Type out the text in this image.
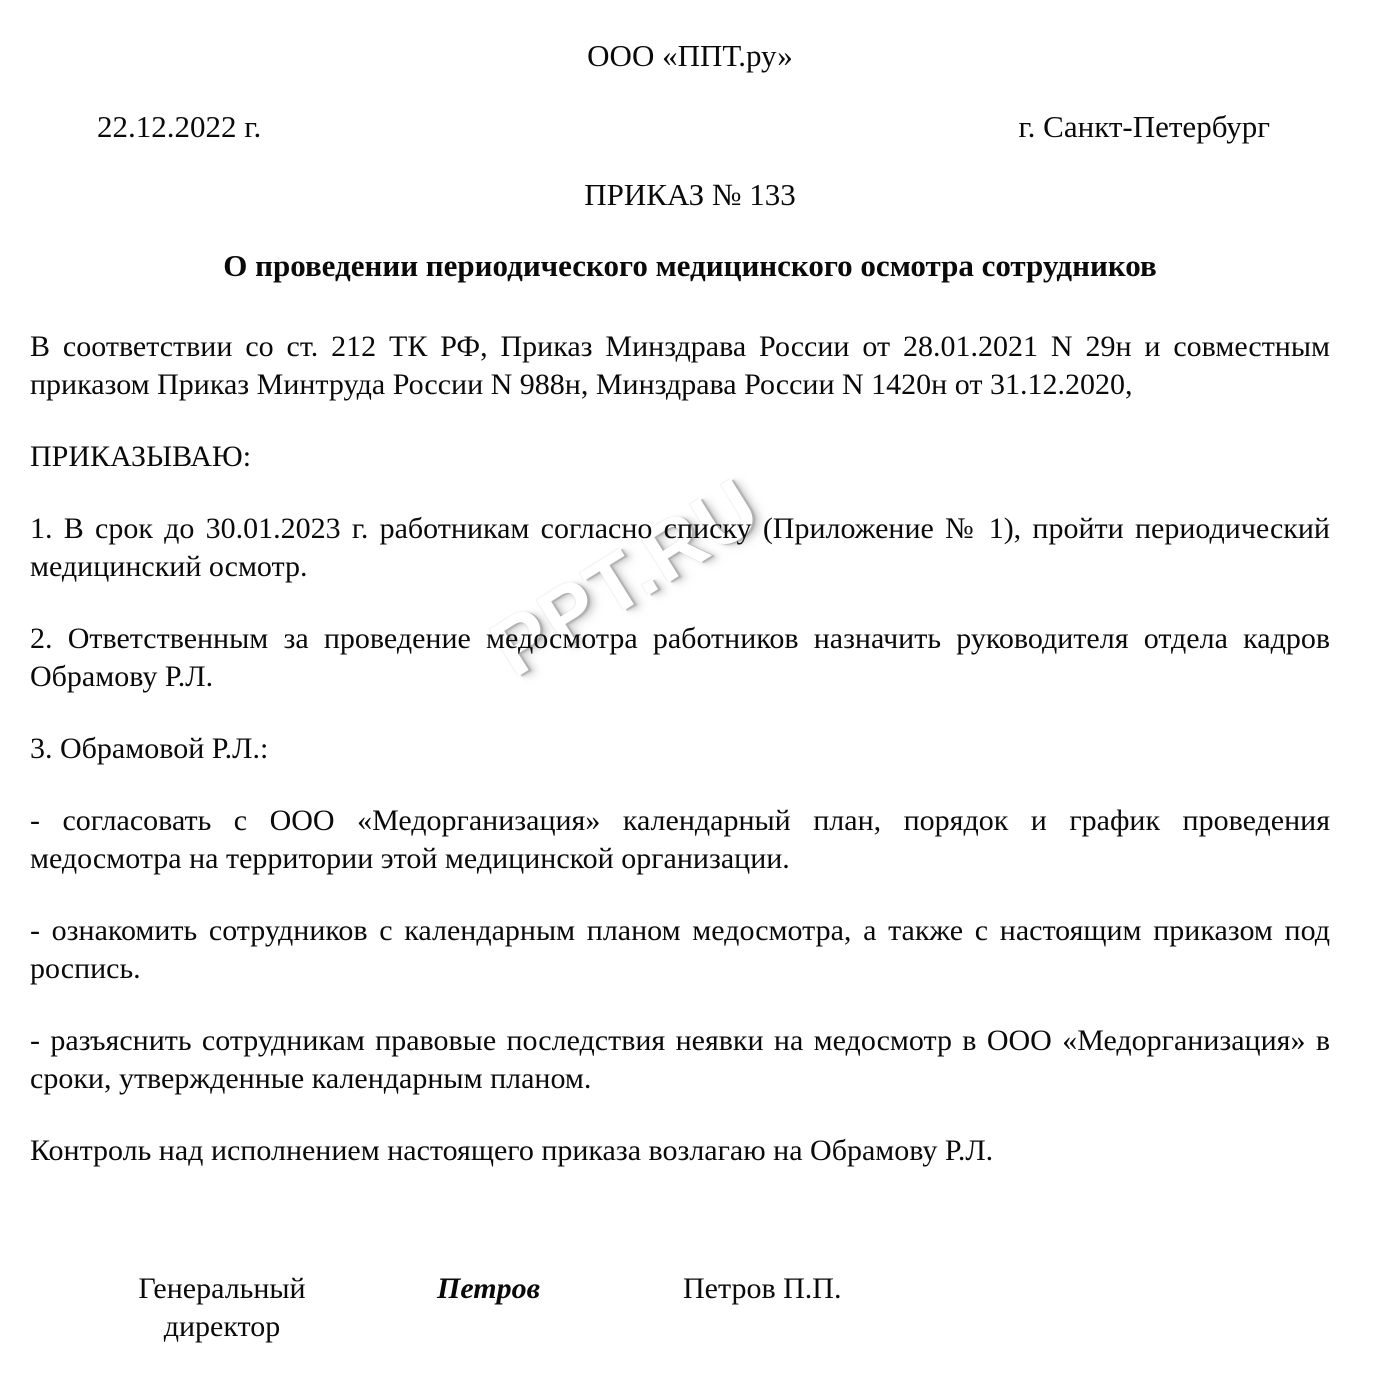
PPT.RU
ООО «ППТ.ру»
22.12.2022 г.	г. Санкт-Петербург
ПРИКАЗ № 133
О проведении периодического медицинского осмотра сотрудников

В соответствии со ст. 212 ТК РФ, Приказ Минздрава России от 28.01.2021 N 29н и совместным приказом Приказ Минтруда России N 988н, Минздрава России N 1420н от 31.12.2020,

ПРИКАЗЫВАЮ:

1. В срок до 30.01.2023 г. работникам согласно списку (Приложение № 1), пройти периодический медицинский осмотр.

2. Ответственным за проведение медосмотра работников назначить руководителя отдела кадров Обрамову Р.Л.

3. Обрамовой Р.Л.:

- согласовать с ООО «Медорганизация» календарный план, порядок и график проведения медосмотра на территории этой медицинской организации.

- ознакомить сотрудников с календарным планом медосмотра, а также с настоящим приказом под роспись.

- разъяснить сотрудникам правовые последствия неявки на медосмотр в ООО «Медорганизация» в сроки, утвержденные календарным планом.

Контроль над исполнением настоящего приказа возлагаю на Обрамову Р.Л.

Генеральный директор
Петров	Петров П.П.
